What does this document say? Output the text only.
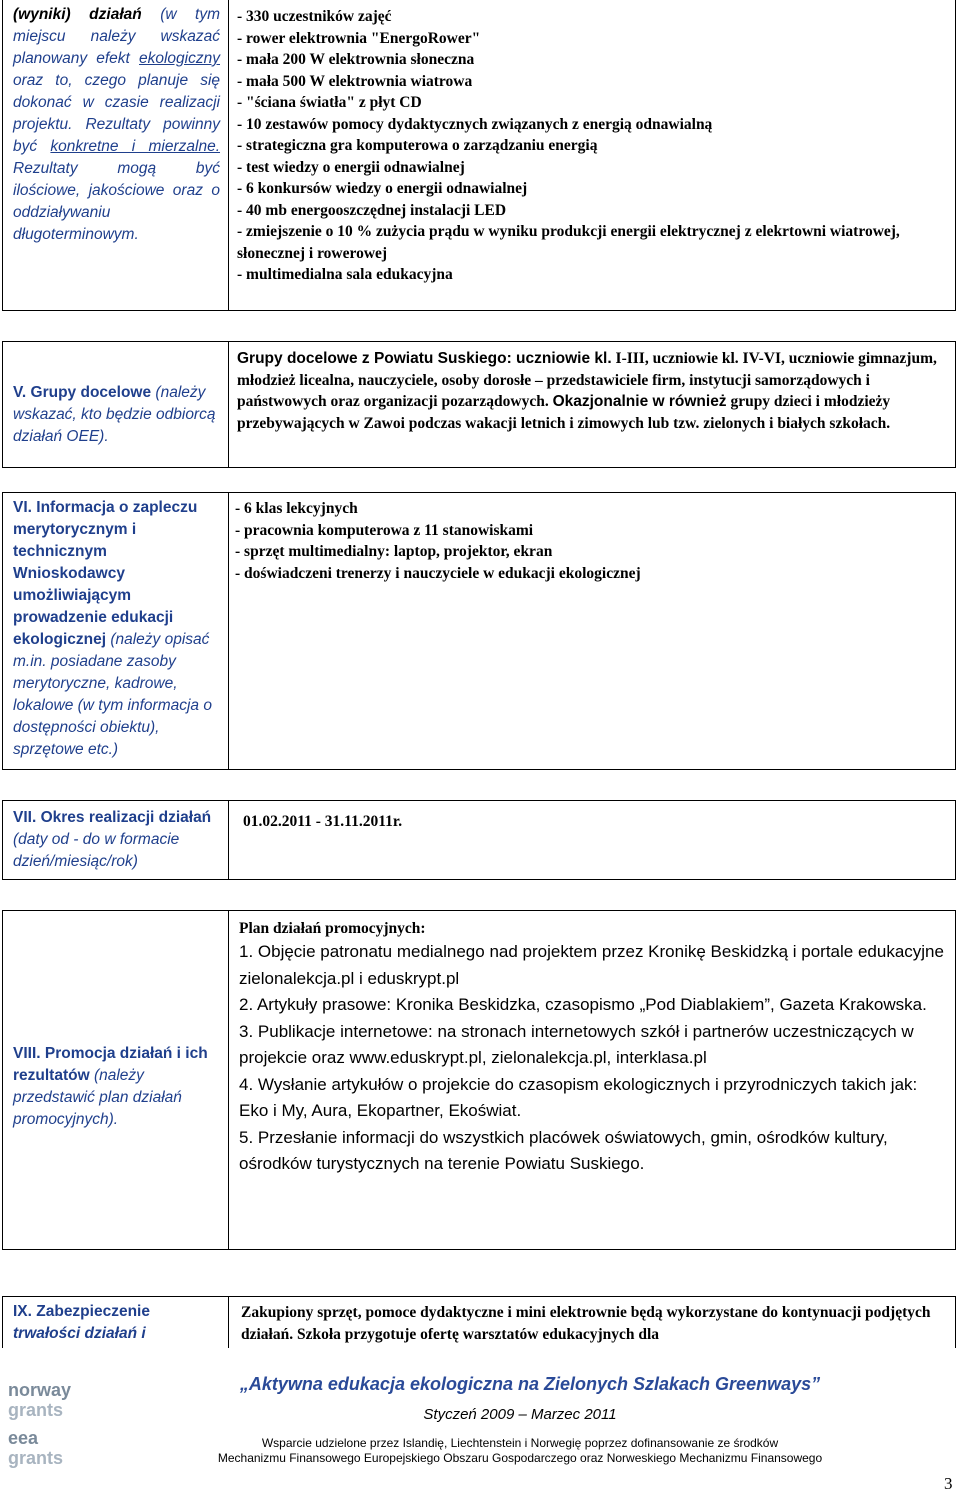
(wyniki) działań (w tym miejscu należy wskazać planowany efekt ekologiczny oraz to, czego planuje się dokonać w czasie realizacji projektu. Rezultaty powinny być konkretne i mierzalne. Rezultaty mogą być ilościowe, jakościowe oraz o oddziaływaniu długoterminowym.
- 330 uczestników zajęć
- rower elektrownia "EnergoRower"
- mała 200 W elektrownia słoneczna
- mała 500 W elektrownia wiatrowa
- "ściana światła" z płyt CD
- 10 zestawów pomocy dydaktycznych związanych z energią odnawialną
- strategiczna gra komputerowa o zarządzaniu energią
- test wiedzy o energii odnawialnej
- 6 konkursów wiedzy o energii odnawialnej
- 40 mb energooszczędnej instalacji LED
- zmiejszenie o 10 % zużycia prądu w wyniku produkcji energii elektrycznej z elekrtowni wiatrowej, słonecznej i rowerowej
- multimedialna sala edukacyjna
V. Grupy docelowe (należy wskazać, kto będzie odbiorcą działań OEE).
Grupy docelowe z Powiatu Suskiego: uczniowie kl. I-III, uczniowie kl. IV-VI, uczniowie gimnazjum, młodzież licealna, nauczyciele, osoby dorosłe – przedstawiciele firm, instytucji samorządowych i państwowych oraz organizacji pozarządowych. Okazjonalnie w również grupy dzieci i młodzieży przebywających w Zawoi podczas wakacji letnich i zimowych lub tzw. zielonych i białych szkołach.
VI. Informacja o zapleczu merytorycznym i technicznym Wnioskodawcy umożliwiającym prowadzenie edukacji ekologicznej (należy opisać m.in. posiadane zasoby merytoryczne, kadrowe, lokalowe (w tym informacja o dostępności obiektu), sprzętowe etc.)
- 6 klas lekcyjnych
- pracownia komputerowa z 11 stanowiskami
- sprzęt multimedialny: laptop, projektor, ekran
- doświadczeni trenerzy i nauczyciele w edukacji ekologicznej
VII. Okres realizacji działań (daty od - do w formacie dzień/miesiąc/rok)
01.02.2011 - 31.11.2011r.
VIII. Promocja działań i ich rezultatów (należy przedstawić plan działań promocyjnych).
Plan działań promocyjnych:
1. Objęcie patronatu medialnego nad projektem przez Kronikę Beskidzką i portale edukacyjne zielonalekcja.pl i eduskrypt.pl
2. Artykuły prasowe: Kronika Beskidzka, czasopismo „Pod Diablakiem”, Gazeta Krakowska.
3. Publikacje internetowe: na stronach internetowych szkół i partnerów uczestniczących w projekcie oraz www.eduskrypt.pl, zielonalekcja.pl, interklasa.pl
4. Wysłanie artykułów o projekcie do czasopism ekologicznych i przyrodniczych takich jak: Eko i My, Aura, Ekopartner, Ekoświat.
5. Przesłanie informacji do wszystkich placówek oświatowych, gmin, ośrodków kultury, ośrodków turystycznych na terenie Powiatu Suskiego.
IX. Zabezpieczenie
trwałości działań i
Zakupiony sprzęt, pomoce dydaktyczne i mini elektrownie będą wykorzystane do kontynuacji podjętych działań. Szkoła przygotuje ofertę warsztatów edukacyjnych dla
norway
grants
eea
grants
„Aktywna edukacja ekologiczna na Zielonych Szlakach Greenways”
Styczeń 2009 – Marzec 2011
Wsparcie udzielone przez Islandię, Liechtenstein i Norwegię poprzez dofinansowanie ze środków
Mechanizmu Finansowego Europejskiego Obszaru Gospodarczego oraz Norweskiego Mechanizmu Finansowego
3
